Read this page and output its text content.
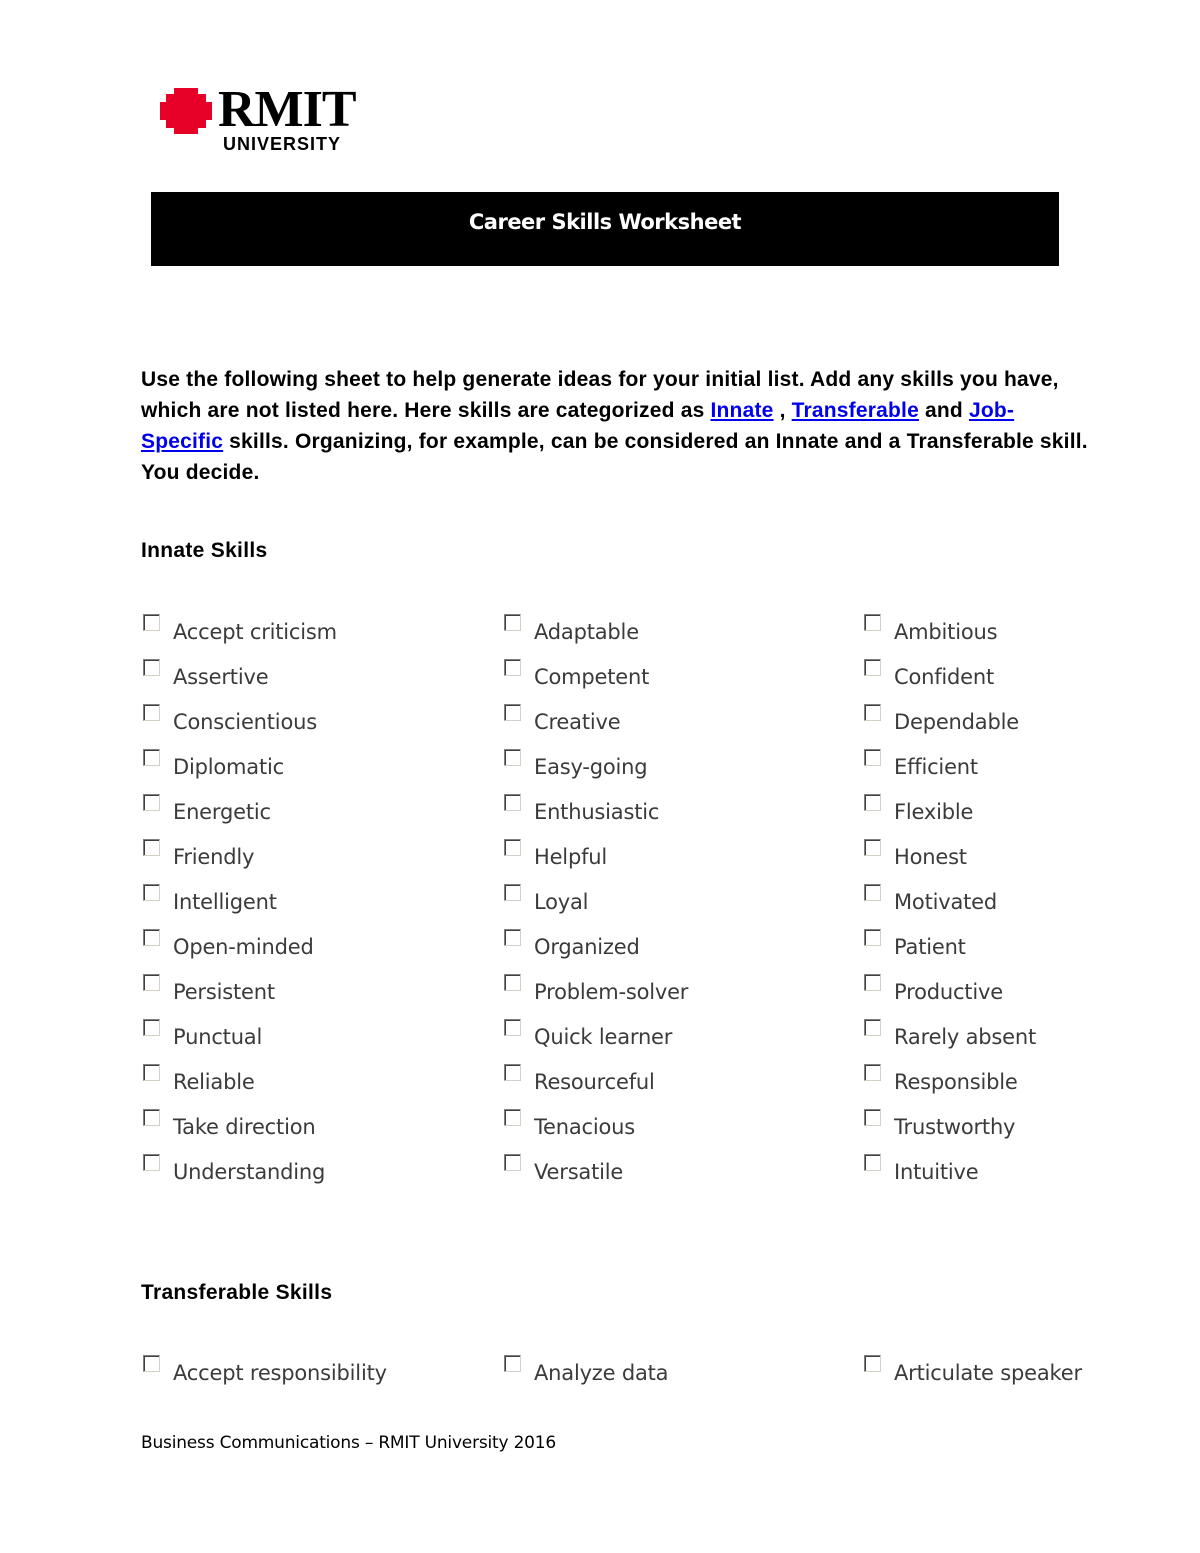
RMIT
UNIVERSITY
Career Skills Worksheet
Use the following sheet to help generate ideas for your initial list. Add any skills you have, which are not listed here. Here skills are categorized as Innate , Transferable and Job-Specific skills. Organizing, for example, can be considered an Innate and a Transferable skill. You decide.
Innate Skills
Accept criticism	Adaptable	Ambitious
Assertive	Competent	Confident
Conscientious	Creative	Dependable
Diplomatic	Easy-going	Efficient
Energetic	Enthusiastic	Flexible
Friendly	Helpful	Honest
Intelligent	Loyal	Motivated
Open-minded	Organized	Patient
Persistent	Problem-solver	Productive
Punctual	Quick learner	Rarely absent
Reliable	Resourceful	Responsible
Take direction	Tenacious	Trustworthy
Understanding	Versatile	Intuitive
Transferable Skills
Accept responsibility	Analyze data	Articulate speaker
Business Communications – RMIT University 2016
